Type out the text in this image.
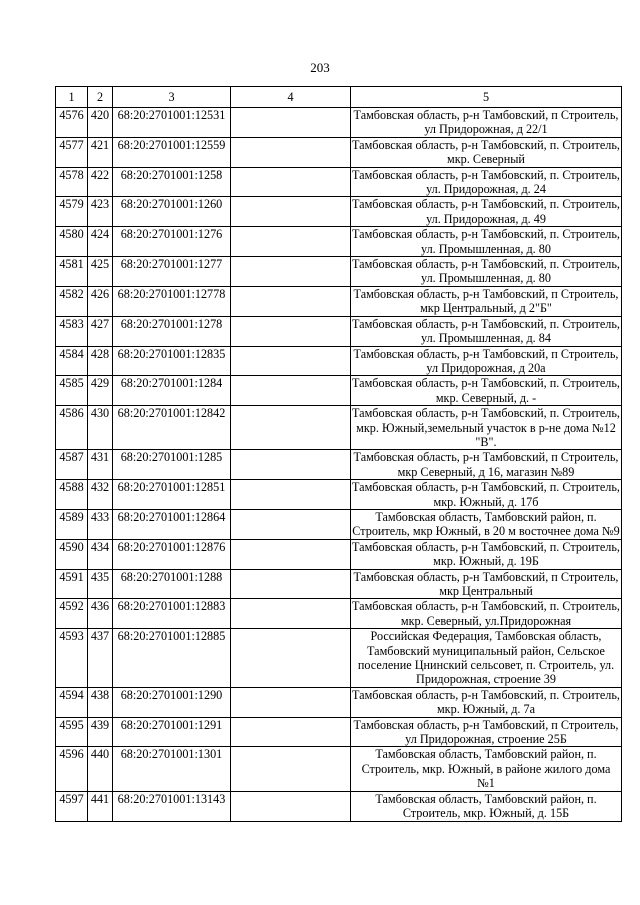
203
1	2	3	4	5
4576	420	68:20:2701001:12531		Тамбовская область, р-н Тамбовский, п Строитель, ул Придорожная, д 22/1
4577	421	68:20:2701001:12559		Тамбовская область, р-н Тамбовский, п. Строитель, мкр. Северный
4578	422	68:20:2701001:1258		Тамбовская область, р-н Тамбовский, п. Строитель, ул. Придорожная, д. 24
4579	423	68:20:2701001:1260		Тамбовская область, р-н Тамбовский, п. Строитель, ул. Придорожная, д. 49
4580	424	68:20:2701001:1276		Тамбовская область, р-н Тамбовский, п. Строитель, ул. Промышленная, д. 80
4581	425	68:20:2701001:1277		Тамбовская область, р-н Тамбовский, п. Строитель, ул. Промышленная, д. 80
4582	426	68:20:2701001:12778		Тамбовская область, р-н Тамбовский, п Строитель, мкр Центральный, д 2"Б"
4583	427	68:20:2701001:1278		Тамбовская область, р-н Тамбовский, п. Строитель, ул. Промышленная, д. 84
4584	428	68:20:2701001:12835		Тамбовская область, р-н Тамбовский, п Строитель, ул Придорожная, д 20а
4585	429	68:20:2701001:1284		Тамбовская область, р-н Тамбовский, п. Строитель, мкр. Северный, д. -
4586	430	68:20:2701001:12842		Тамбовская область, р-н Тамбовский, п. Строитель, мкр. Южный,земельный участок в р-не дома №12 "В".
4587	431	68:20:2701001:1285		Тамбовская область, р-н Тамбовский, п Строитель, мкр Северный, д 16, магазин №89
4588	432	68:20:2701001:12851		Тамбовская область, р-н Тамбовский, п. Строитель, мкр. Южный, д. 17б
4589	433	68:20:2701001:12864		Тамбовская область, Тамбовский район, п. Строитель, мкр Южный, в 20 м восточнее дома №9
4590	434	68:20:2701001:12876		Тамбовская область, р-н Тамбовский, п. Строитель, мкр. Южный, д. 19Б
4591	435	68:20:2701001:1288		Тамбовская область, р-н Тамбовский, п Строитель, мкр Центральный
4592	436	68:20:2701001:12883		Тамбовская область, р-н Тамбовский, п. Строитель, мкр. Северный, ул.Придорожная
4593	437	68:20:2701001:12885		Российская Федерация, Тамбовская область, Тамбовский муниципальный район, Сельское поселение Цнинский сельсовет, п. Строитель, ул. Придорожная, строение 39
4594	438	68:20:2701001:1290		Тамбовская область, р-н Тамбовский, п. Строитель, мкр. Южный, д. 7а
4595	439	68:20:2701001:1291		Тамбовская область, р-н Тамбовский, п Строитель, ул Придорожная, строение 25Б
4596	440	68:20:2701001:1301		Тамбовская область, Тамбовский район, п. Строитель, мкр. Южный, в районе жилого дома №1
4597	441	68:20:2701001:13143		Тамбовская область, Тамбовский район, п. Строитель, мкр. Южный, д. 15Б
